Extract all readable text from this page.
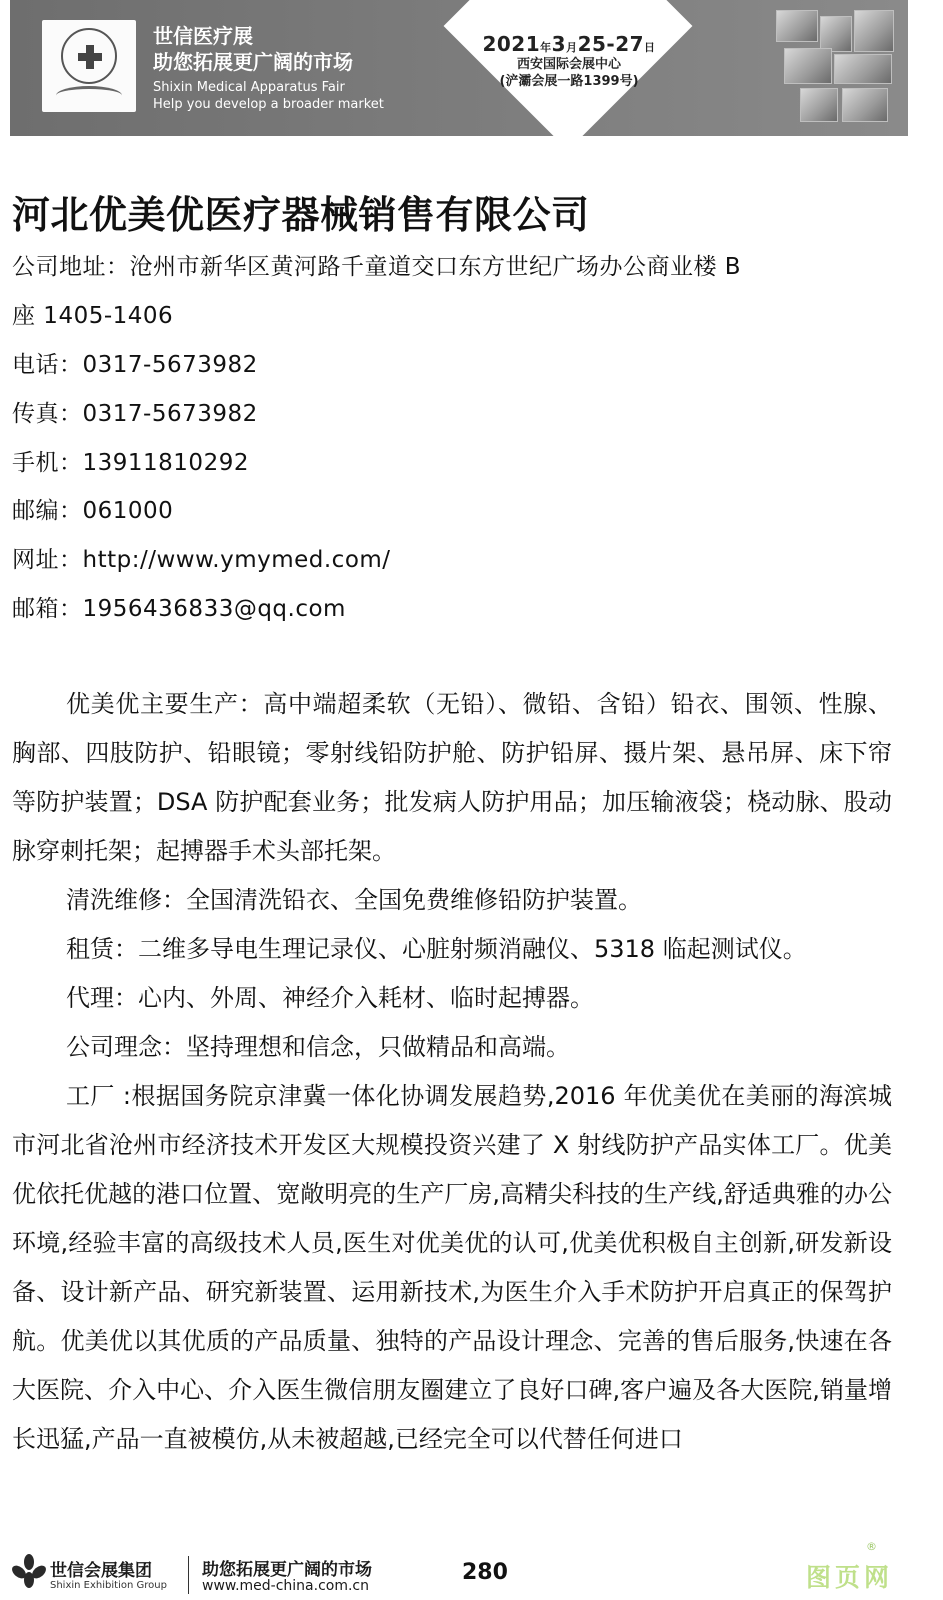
世信医疗展
助您拓展更广阔的市场
Shixin Medical Apparatus Fair
Help you develop a broader market
2021年3月25-27日
西安国际会展中心
(浐灞会展一路1399号)
河北优美优医疗器械销售有限公司
公司地址：沧州市新华区黄河路千童道交口东方世纪广场办公商业楼 B
座 1405-1406
电话：0317-5673982
传真：0317-5673982
手机：13911810292
邮编：061000
网址：http://www.ymymed.com/
邮箱：1956436833@qq.com

优美优主要生产：高中端超柔软（无铅）、微铅、含铅）铅衣、围领、性腺、胸部、四肢防护、铅眼镜；零射线铅防护舱、防护铅屏、摄片架、悬吊屏、床下帘等防护装置；DSA 防护配套业务；批发病人防护用品；加压输液袋；桡动脉、股动脉穿刺托架；起搏器手术头部托架。

清洗维修：全国清洗铅衣、全国免费维修铅防护装置。

租赁：二维多导电生理记录仪、心脏射频消融仪、5318 临起测试仪。

代理：心内、外周、神经介入耗材、临时起搏器。

公司理念：坚持理想和信念，只做精品和高端。

工厂 :根据国务院京津冀一体化协调发展趋势,2016 年优美优在美丽的海滨城市河北省沧州市经济技术开发区大规模投资兴建了 X 射线防护产品实体工厂。优美优依托优越的港口位置、宽敞明亮的生产厂房,高精尖科技的生产线,舒适典雅的办公环境,经验丰富的高级技术人员,医生对优美优的认可,优美优积极自主创新,研发新设备、设计新产品、研究新装置、运用新技术,为医生介入手术防护开启真正的保驾护航。优美优以其优质的产品质量、独特的产品设计理念、完善的售后服务,快速在各大医院、介入中心、介入医生微信朋友圈建立了良好口碑,客户遍及各大医院,销量增长迅猛,产品一直被模仿,从未被超越,已经完全可以代替任何进口

世信会展集团
Shixin Exhibition Group
助您拓展更广阔的市场
www.med-china.com.cn
280	图页网
®
